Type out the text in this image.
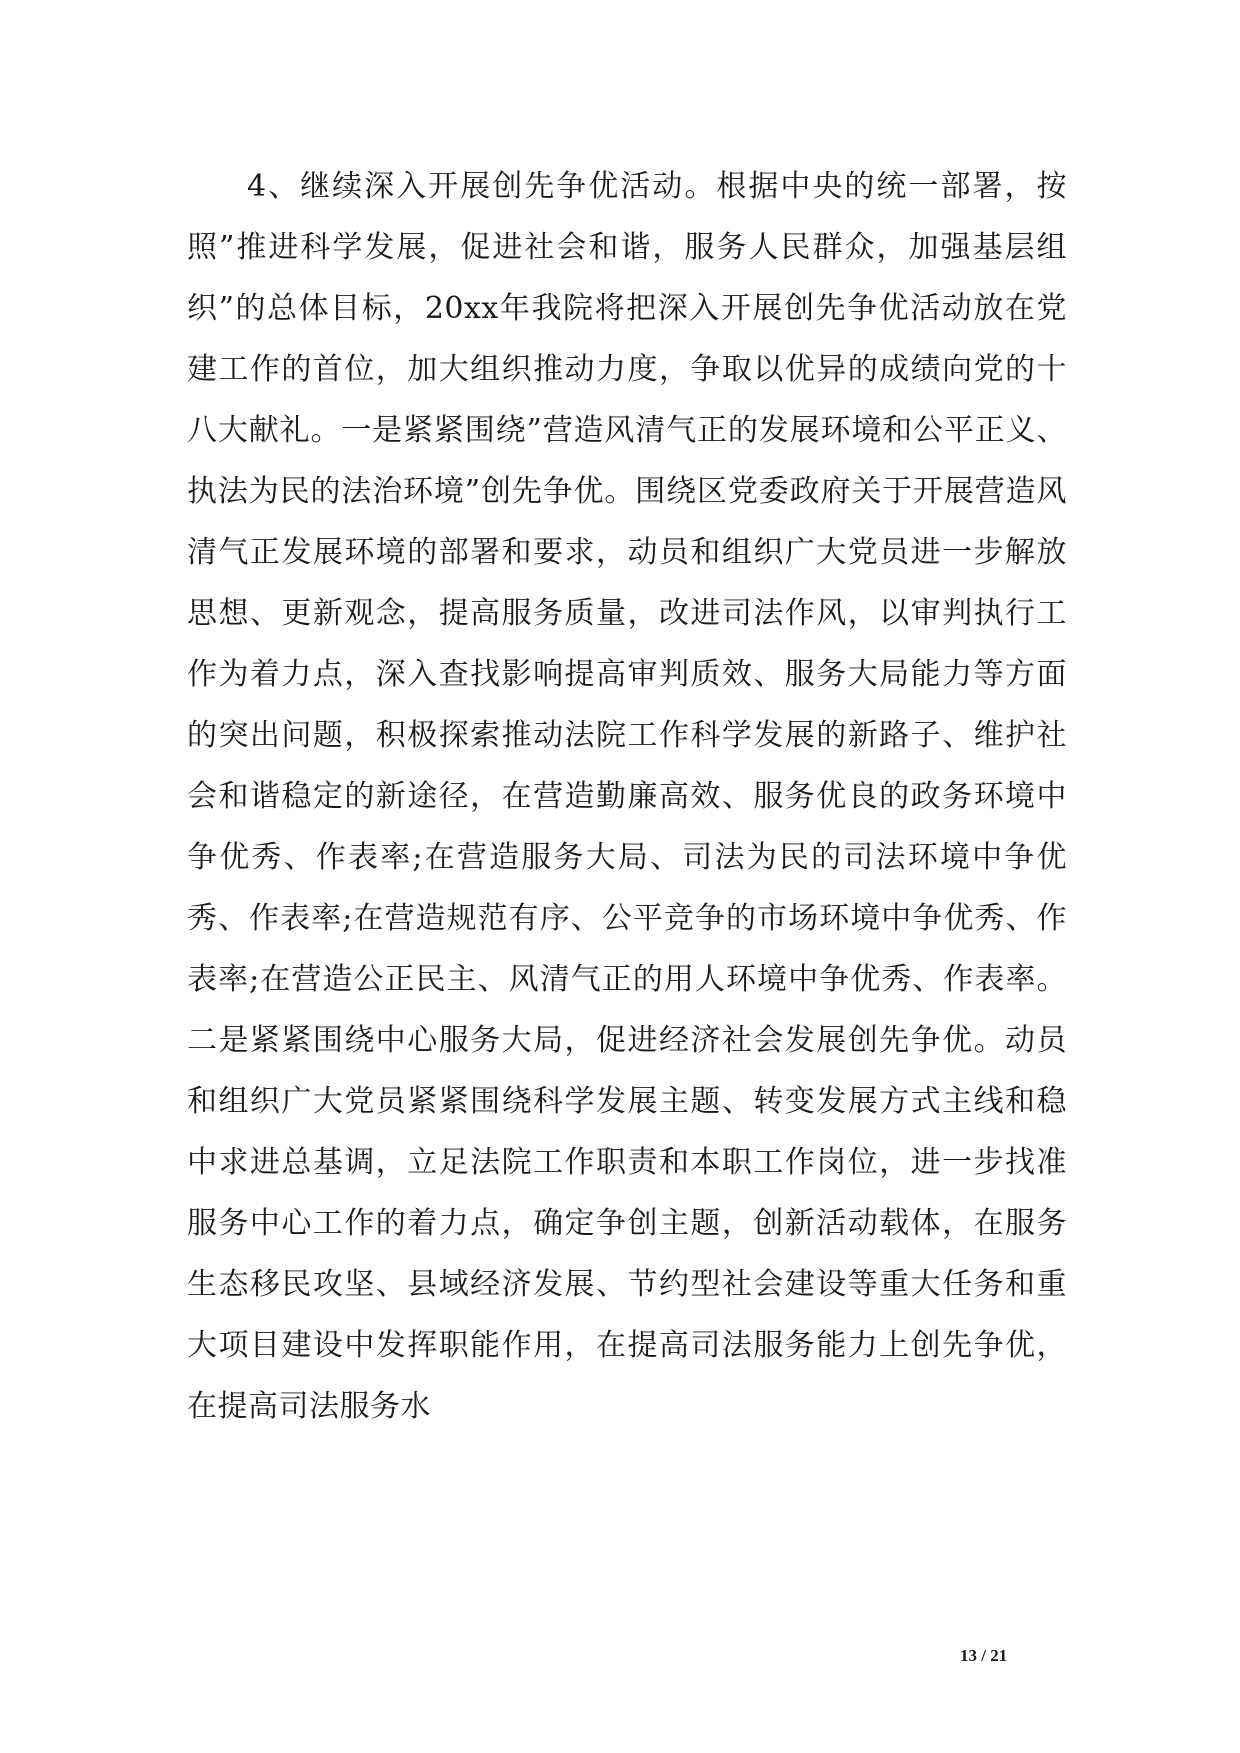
4、继续深入开展创先争优活动。根据中央的统一部署，按照”推进科学发展，促进社会和谐，服务人民群众，加强基层组织”的总体目标，20xx年我院将把深入开展创先争优活动放在党建工作的首位，加大组织推动力度，争取以优异的成绩向党的十八大献礼。一是紧紧围绕”营造风清气正的发展环境和公平正义、执法为民的法治环境”创先争优。围绕区党委政府关于开展营造风清气正发展环境的部署和要求，动员和组织广大党员进一步解放思想、更新观念，提高服务质量，改进司法作风，以审判执行工作为着力点，深入查找影响提高审判质效、服务大局能力等方面的突出问题，积极探索推动法院工作科学发展的新路子、维护社会和谐稳定的新途径，在营造勤廉高效、服务优良的政务环境中争优秀、作表率;在营造服务大局、司法为民的司法环境中争优秀、作表率;在营造规范有序、公平竞争的市场环境中争优秀、作表率;在营造公正民主、风清气正的用人环境中争优秀、作表率。二是紧紧围绕中心服务大局，促进经济社会发展创先争优。动员和组织广大党员紧紧围绕科学发展主题、转变发展方式主线和稳中求进总基调，立足法院工作职责和本职工作岗位，进一步找准服务中心工作的着力点，确定争创主题，创新活动载体，在服务生态移民攻坚、县域经济发展、节约型社会建设等重大任务和重大项目建设中发挥职能作用，在提高司法服务能力上创先争优，在提高司法服务水

13 / 21
